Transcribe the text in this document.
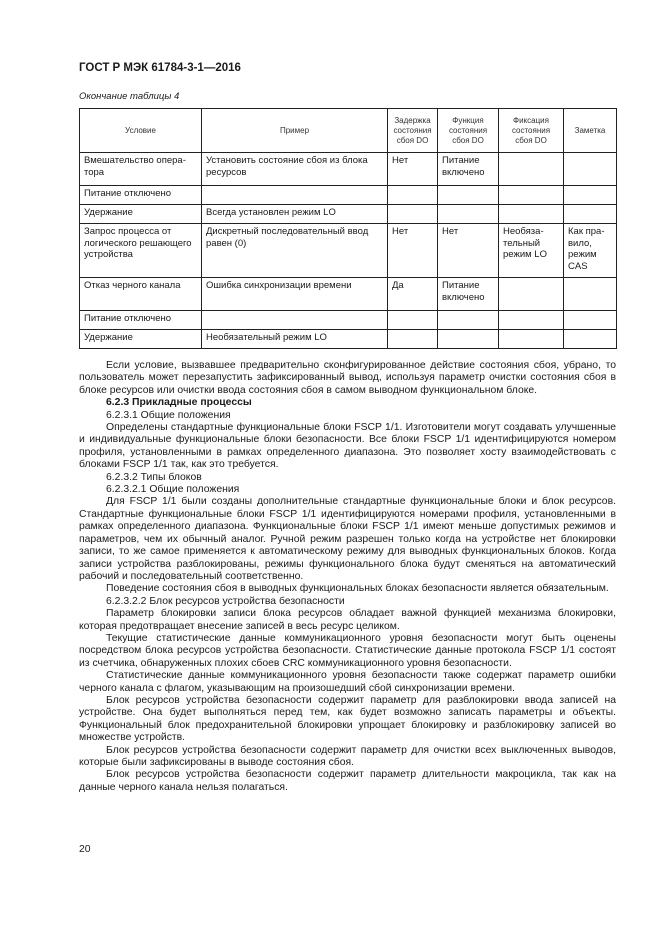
ГОСТ Р МЭК 61784-3-1—2016
Окончание таблицы 4
Условие	Пример	Задержка состояния сбоя DO	Функция состояния сбоя DO	Фиксация состояния сбоя DO	Заметка
Вмешательство опера-тора	Установить состояние сбоя из блока ресурсов	Нет	Питание включено		
Питание отключено					
Удержание	Всегда установлен режим LO				
Запрос процесса от логического решающего устройства	Дискретный последовательный ввод равен (0)	Нет	Нет	Необяза-тельный режим LO	Как пра-вило, режим CAS
Отказ черного канала	Ошибка синхронизации времени	Да	Питание включено		
Питание отключено					
Удержание	Необязательный режим LO				

Если условие, вызвавшее предварительно сконфигурированное действие состояния сбоя, убрано, то пользователь может перезапустить зафиксированный вывод, используя параметр очистки состояния сбоя в блоке ресурсов или очистки ввода состояния сбоя в самом выводном функциональном блоке.

6.2.3 Прикладные процессы

6.2.3.1 Общие положения

Определены стандартные функциональные блоки FSCP 1/1. Изготовители могут создавать улучшенные и индивидуальные функциональные блоки безопасности. Все блоки FSCP 1/1 идентифицируются номером профиля, установленными в рамках определенного диапазона. Это позволяет хосту взаимодействовать с блоками FSCP 1/1 так, как это требуется.

6.2.3.2 Типы блоков

6.2.3.2.1 Общие положения

Для FSCP 1/1 были созданы дополнительные стандартные функциональные блоки и блок ресурсов. Стандартные функциональные блоки FSCP 1/1 идентифицируются номерами профиля, установленными в рамках определенного диапазона. Функциональные блоки FSCP 1/1 имеют меньше допустимых режимов и параметров, чем их обычный аналог. Ручной режим разрешен только когда на устройстве нет блокировки записи, то же самое применяется к автоматическому режиму для выводных функциональных блоков. Когда записи устройства разблокированы, режимы функционального блока будут сменяться на автоматический рабочий и последовательный соответственно.

Поведение состояния сбоя в выводных функциональных блоках безопасности является обязательным.

6.2.3.2.2 Блок ресурсов устройства безопасности

Параметр блокировки записи блока ресурсов обладает важной функцией механизма блокировки, которая предотвращает внесение записей в весь ресурс целиком.

Текущие статистические данные коммуникационного уровня безопасности могут быть оценены посредством блока ресурсов устройства безопасности. Статистические данные протокола FSCP 1/1 состоят из счетчика, обнаруженных плохих сбоев CRC коммуникационного уровня безопасности.

Статистические данные коммуникационного уровня безопасности также содержат параметр ошибки черного канала с флагом, указывающим на произошедший сбой синхронизации времени.

Блок ресурсов устройства безопасности содержит параметр для разблокировки ввода записей на устройстве. Она будет выполняться перед тем, как будет возможно записать параметры и объекты. Функциональный блок предохранительной блокировки упрощает блокировку и разблокировку записей во множестве устройств.

Блок ресурсов устройства безопасности содержит параметр для очистки всех выключенных выводов, которые были зафиксированы в выводе состояния сбоя.

Блок ресурсов устройства безопасности содержит параметр длительности макроцикла, так как на данные черного канала нельзя полагаться.

20
